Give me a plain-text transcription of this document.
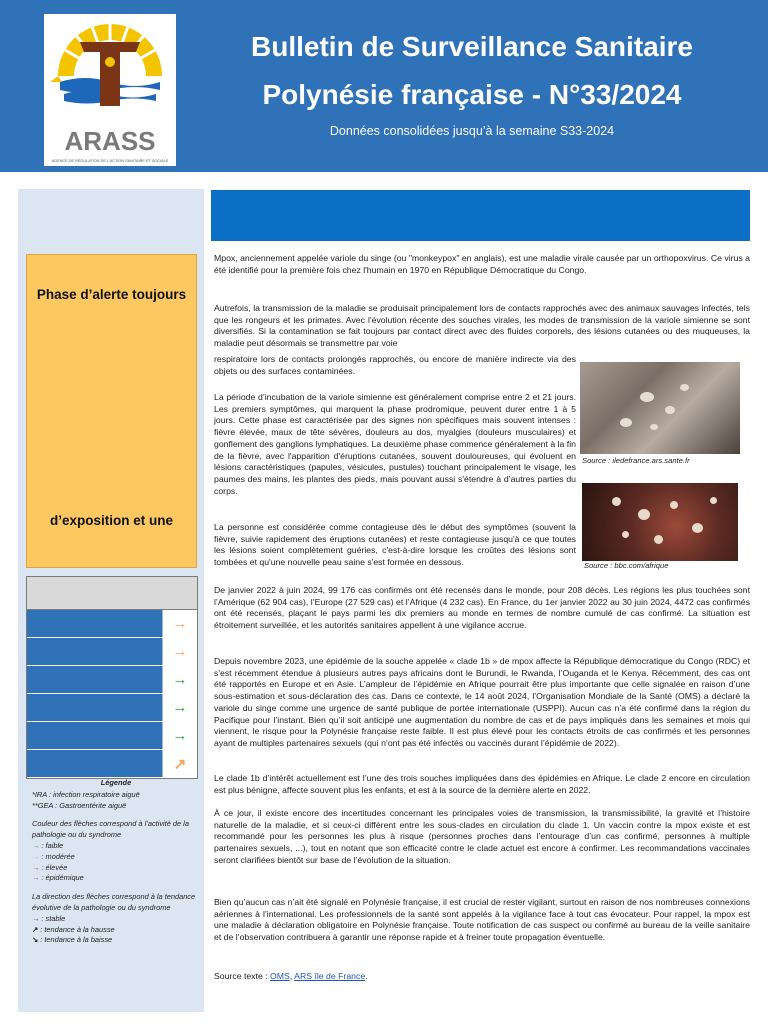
ARASS
AGENCE DE RÉGULATION DE L'ACTION SANITAIRE ET SOCIALE
Bulletin de Surveillance Sanitaire
Polynésie française - N°33/2024
Données consolidées jusqu’à la semaine S33-2024
Phase d’alerte toujours
d’exposition et une
→
→
→
→
→
↗
Légende
*IRA : infection respiratoire aiguë
**GEA : Gastroentérite aiguë
Couleur des flèches correspond à l’activité de la pathologie ou du syndrome
→ : faible
→ : modérée
→ : élevée
→ : épidémique
La direction des flèches correspond à la tendance évolutive de la pathologie ou du syndrome
→ : stable
↗ : tendance à la hausse
↘ : tendance à la baisse
Mpox, anciennement appelée variole du singe (ou "monkeypox" en anglais), est une maladie virale causée par un orthopoxvirus. Ce virus a été identifié pour la première fois chez l'humain en 1970 en République Démocratique du Congo.
Autrefois, la transmission de la maladie se produisait principalement lors de contacts rapprochés avec des animaux sauvages infectés, tels que les rongeurs et les primates. Avec l'évolution récente des souches virales, les modes de transmission de la variole simienne se sont diversifiés. Si la contamination se fait toujours par contact direct avec des fluides corporels, des lésions cutanées ou des muqueuses, la maladie peut désormais se transmettre par voie
respiratoire lors de contacts prolongés rapprochés, ou encore de manière indirecte via des objets ou des surfaces contaminées.
La période d’incubation de la variole simienne est généralement comprise entre 2 et 21 jours. Les premiers symptômes, qui marquent la phase prodromique, peuvent durer entre 1 à 5 jours. Cette phase est caractérisée par des signes non spécifiques mais souvent intenses : fièvre élevée, maux de tête sévères, douleurs au dos, myalgies (douleurs musculaires) et gonflement des ganglions lymphatiques. La deuxième phase commence généralement à la fin de la fièvre, avec l'apparition d'éruptions cutanées, souvent douloureuses, qui évoluent en lésions caractéristiques (papules, vésicules, pustules) touchant principalement le visage, les paumes des mains, les plantes des pieds, mais pouvant aussi s'étendre à d’autres parties du corps.
La personne est considérée comme contagieuse dès le début des symptômes (souvent la fièvre, suivie rapidement des éruptions cutanées) et reste contagieuse jusqu'à ce que toutes les lésions soient complètement guéries, c'est-à-dire lorsque les croûtes des lésions sont tombées et qu'une nouvelle peau saine s'est formée en dessous.
De janvier 2022 à juin 2024, 99 176 cas confirmés ont été recensés dans le monde, pour 208 décès. Les régions les plus touchées sont l’Amérique (62 904 cas), l’Europe (27 529 cas) et l’Afrique (4 232 cas). En France, du 1er janvier 2022 au 30 juin 2024, 4472 cas confirmés ont été recensés, plaçant le pays parmi les dix premiers au monde en termes de nombre cumulé de cas confirmé. La situation est étroitement surveillée, et les autorités sanitaires appellent à une vigilance accrue.
Depuis novembre 2023, une épidémie de la souche appelée « clade 1b » de mpox affecte la République démocratique du Congo (RDC) et s'est récemment étendue à plusieurs autres pays africains dont le Burundi, le Rwanda, l’Ouganda et le Kenya. Récemment, des cas ont été rapportés en Europe et en Asie. L’ampleur de l’épidémie en Afrique pourrait être plus importante que celle signalée en raison d’une sous-estimation et sous-déclaration des cas. Dans ce contexte, le 14 août 2024, l’Organisation Mondiale de la Santé (OMS) a déclaré la variole du singe comme une urgence de santé publique de portée internationale (USPPI). Aucun cas n’a été confirmé dans la région du Pacifique pour l’instant. Bien qu’il soit anticipé une augmentation du nombre de cas et de pays impliqués dans les semaines et mois qui viennent, le risque pour la Polynésie française reste faible. Il est plus élevé pour les contacts étroits de cas confirmés et les personnes ayant de multiples partenaires sexuels (qui n’ont pas été infectés ou vaccinés durant l’épidémie de 2022).
Le clade 1b d’intérêt actuellement est l’une des trois souches impliquées dans des épidémies en Afrique. Le clade 2 encore en circulation est plus bénigne, affecte souvent plus les enfants, et est à la source de la dernière alerte en 2022.
À ce jour, il existe encore des incertitudes concernant les principales voies de transmission, la transmissibilité, la gravité et l’histoire naturelle de la maladie, et si ceux-ci diffèrent entre les sous-clades en circulation du clade 1. Un vaccin contre la mpox existe et est recommandé pour les personnes les plus à risque (personnes proches dans l’entourage d’un cas confirmé, personnes à multiple partenaires sexuels, ...), tout en notant que son efficacité contre le clade actuel est encore à confirmer. Les recommandations vaccinales seront clarifiées bientôt sur base de l’évolution de la situation.
Bien qu’aucun cas n’ait été signalé en Polynésie française, il est crucial de rester vigilant, surtout en raison de nos nombreuses connexions aériennes à l’international. Les professionnels de la santé sont appelés à la vigilance face à tout cas évocateur. Pour rappel, la mpox est une maladie à déclaration obligatoire en Polynésie française. Toute notification de cas suspect ou confirmé au bureau de la veille sanitaire et de l’observation contribuera à garantir une réponse rapide et à freiner toute propagation éventuelle.
Source texte : OMS, ARS île de France.
Source : iledefrance.ars.sante.fr
Source : bbc.com/afrique
